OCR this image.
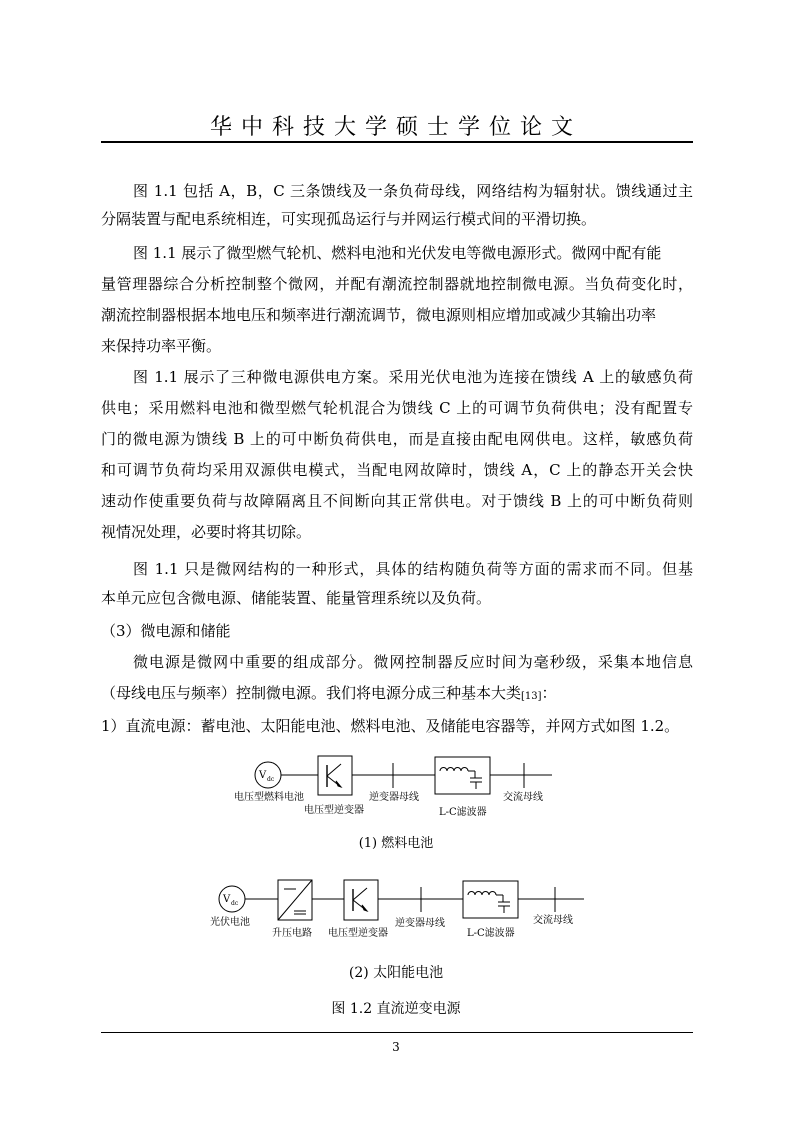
华中科技大学硕士学位论文
图 1.1 包括 A，B，C 三条馈线及一条负荷母线，网络结构为辐射状。馈线通过主
分隔装置与配电系统相连，可实现孤岛运行与并网运行模式间的平滑切换。
图 1.1 展示了微型燃气轮机、燃料电池和光伏发电等微电源形式。微网中配有能
量管理器综合分析控制整个微网，并配有潮流控制器就地控制微电源。当负荷变化时，
潮流控制器根据本地电压和频率进行潮流调节，微电源则相应增加或减少其输出功率
来保持功率平衡。
图 1.1 展示了三种微电源供电方案。采用光伏电池为连接在馈线 A 上的敏感负荷
供电；采用燃料电池和微型燃气轮机混合为馈线 C 上的可调节负荷供电；没有配置专
门的微电源为馈线 B 上的可中断负荷供电，而是直接由配电网供电。这样，敏感负荷
和可调节负荷均采用双源供电模式，当配电网故障时，馈线 A，C 上的静态开关会快
速动作使重要负荷与故障隔离且不间断向其正常供电。对于馈线 B 上的可中断负荷则
视情况处理，必要时将其切除。
图 1.1 只是微网结构的一种形式，具体的结构随负荷等方面的需求而不同。但基
本单元应包含微电源、储能装置、能量管理系统以及负荷。
（3）微电源和储能
微电源是微网中重要的组成部分。微网控制器反应时间为毫秒级，采集本地信息
（母线电压与频率）控制微电源。我们将电源分成三种基本大类[13]：
1）直流电源：蓄电池、太阳能电池、燃料电池、及储能电容器等，并网方式如图 1.2。
V dc
电压型燃料电池
电压型逆变器
逆变器母线
L-C滤波器
交流母线
(1) 燃料电池
V dc
光伏电池
升压电路 电压型逆变器
逆变器母线
L-C滤波器
交流母线
(2) 太阳能电池
图 1.2 直流逆变电源
3
